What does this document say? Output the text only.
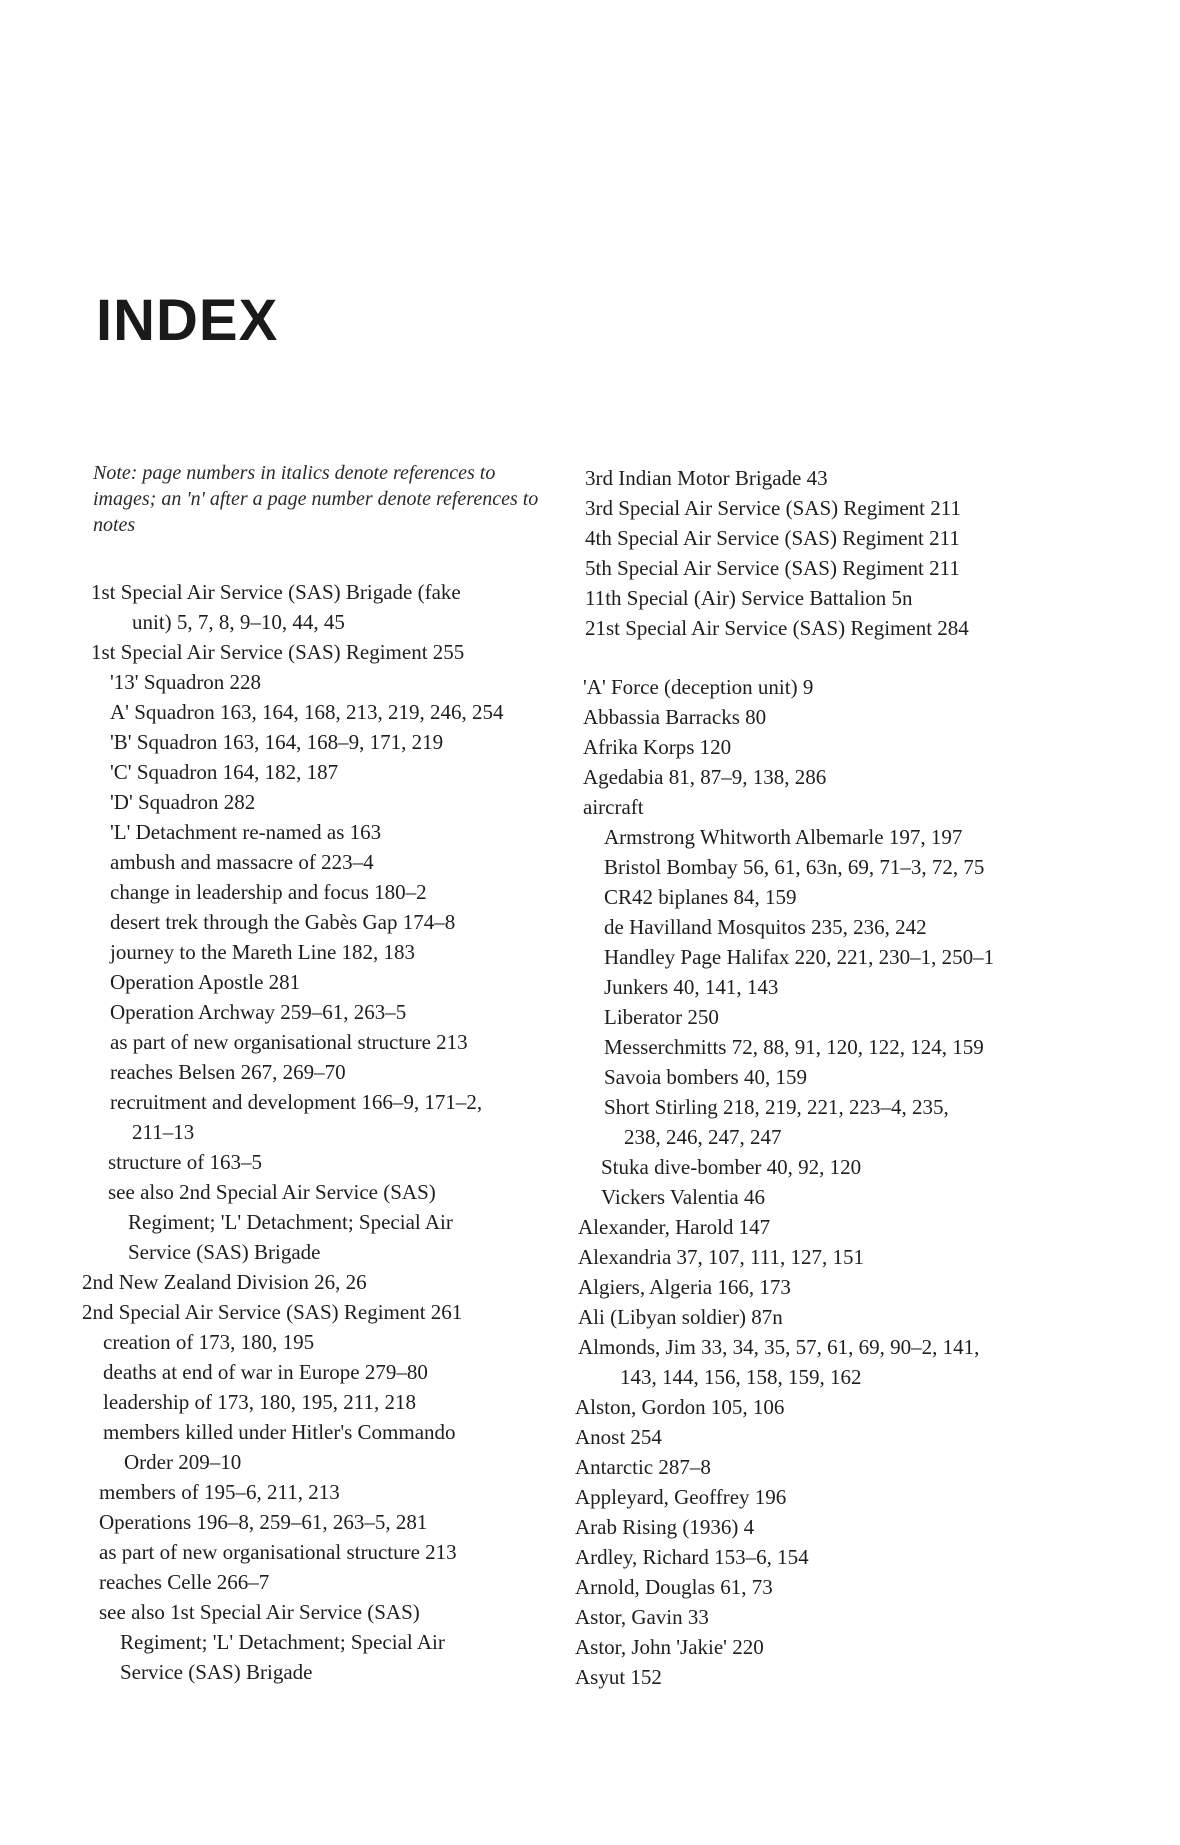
INDEX
Note: page numbers in italics denote references to images; an 'n' after a page number denote references to notes
1st Special Air Service (SAS) Brigade (fake
unit) 5, 7, 8, 9–10, 44, 45
1st Special Air Service (SAS) Regiment 255
'13' Squadron 228
A' Squadron 163, 164, 168, 213, 219, 246, 254
'B' Squadron 163, 164, 168–9, 171, 219
'C' Squadron 164, 182, 187
'D' Squadron 282
'L' Detachment re-named as 163
ambush and massacre of 223–4
change in leadership and focus 180–2
desert trek through the Gabès Gap 174–8
journey to the Mareth Line 182, 183
Operation Apostle 281
Operation Archway 259–61, 263–5
as part of new organisational structure 213
reaches Belsen 267, 269–70
recruitment and development 166–9, 171–2,
211–13
structure of 163–5
see also 2nd Special Air Service (SAS)
Regiment; 'L' Detachment; Special Air
Service (SAS) Brigade
2nd New Zealand Division 26, 26
2nd Special Air Service (SAS) Regiment 261
creation of 173, 180, 195
deaths at end of war in Europe 279–80
leadership of 173, 180, 195, 211, 218
members killed under Hitler's Commando
Order 209–10
members of 195–6, 211, 213
Operations 196–8, 259–61, 263–5, 281
as part of new organisational structure 213
reaches Celle 266–7
see also 1st Special Air Service (SAS)
Regiment; 'L' Detachment; Special Air
Service (SAS) Brigade
3rd Indian Motor Brigade 43
3rd Special Air Service (SAS) Regiment 211
4th Special Air Service (SAS) Regiment 211
5th Special Air Service (SAS) Regiment 211
11th Special (Air) Service Battalion 5n
21st Special Air Service (SAS) Regiment 284
'A' Force (deception unit) 9
Abbassia Barracks 80
Afrika Korps 120
Agedabia 81, 87–9, 138, 286
aircraft
Armstrong Whitworth Albemarle 197, 197
Bristol Bombay 56, 61, 63n, 69, 71–3, 72, 75
CR42 biplanes 84, 159
de Havilland Mosquitos 235, 236, 242
Handley Page Halifax 220, 221, 230–1, 250–1
Junkers 40, 141, 143
Liberator 250
Messerchmitts 72, 88, 91, 120, 122, 124, 159
Savoia bombers 40, 159
Short Stirling 218, 219, 221, 223–4, 235,
238, 246, 247, 247
Stuka dive-bomber 40, 92, 120
Vickers Valentia 46
Alexander, Harold 147
Alexandria 37, 107, 111, 127, 151
Algiers, Algeria 166, 173
Ali (Libyan soldier) 87n
Almonds, Jim 33, 34, 35, 57, 61, 69, 90–2, 141,
143, 144, 156, 158, 159, 162
Alston, Gordon 105, 106
Anost 254
Antarctic 287–8
Appleyard, Geoffrey 196
Arab Rising (1936) 4
Ardley, Richard 153–6, 154
Arnold, Douglas 61, 73
Astor, Gavin 33
Astor, John 'Jakie' 220
Asyut 152
